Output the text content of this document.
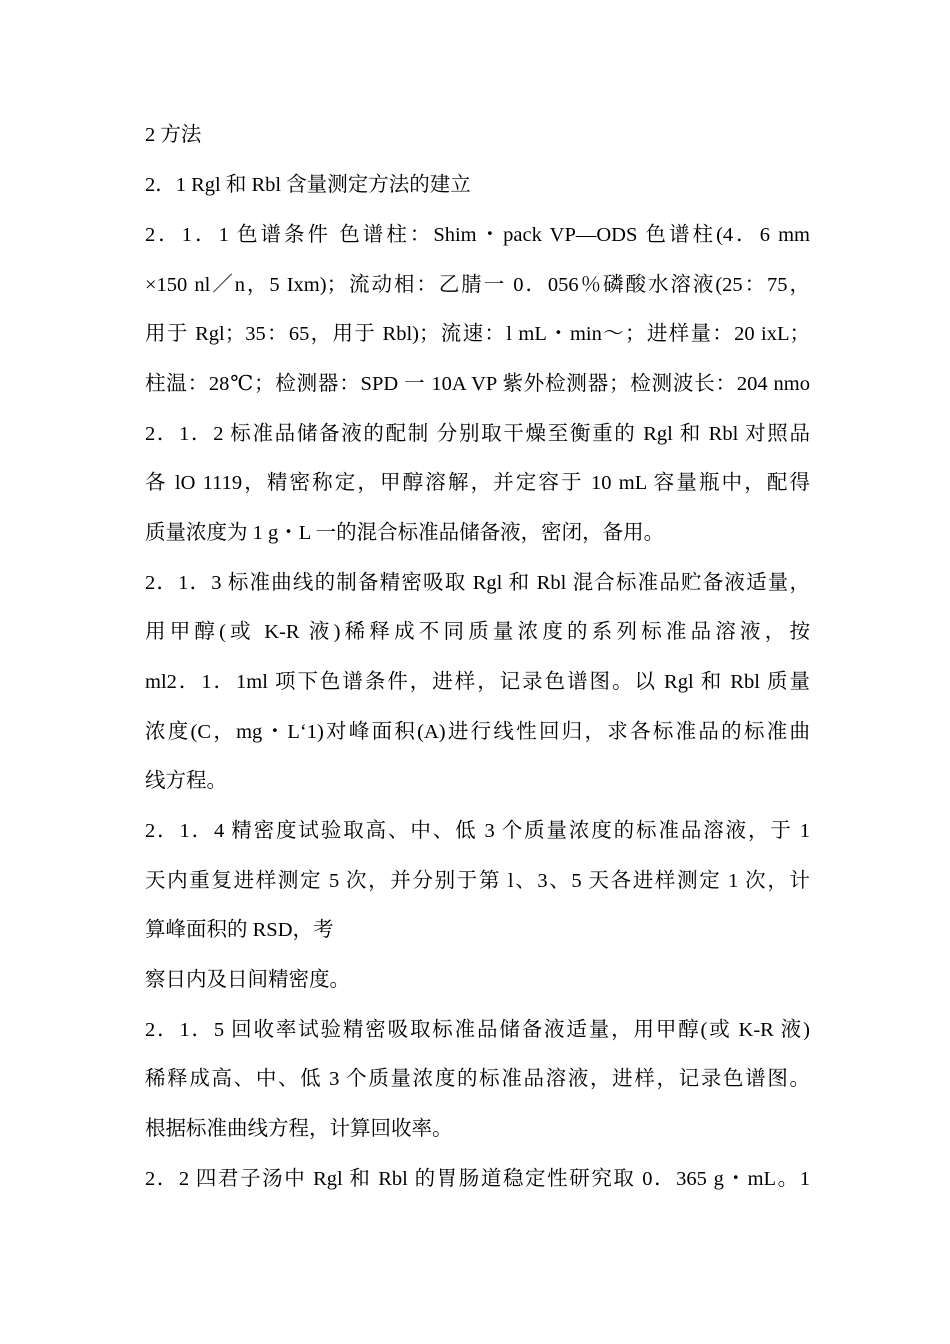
2 方法
2．1 Rgl 和 Rbl 含量测定方法的建立
2．1．1 色谱条件 色谱柱：Shim・pack VP—ODS 色谱柱(4．6 mm
×150 nl／n，5 Ixm)；流动相：乙腈一 0．056％磷酸水溶液(25：75，
用于 Rgl；35：65，用于 Rbl)；流速：l mL・min～；进样量：20 ixL；
柱温：28℃；检测器：SPD 一 10A VP 紫外检测器；检测波长：204 nmo
2．1．2 标准品储备液的配制 分别取干燥至衡重的 Rgl 和 Rbl 对照品
各 lO 1119，精密称定，甲醇溶解，并定容于 10 mL 容量瓶中，配得
质量浓度为 1 g・L 一的混合标准品储备液，密闭，备用。
2．1．3 标准曲线的制备精密吸取 Rgl 和 Rbl 混合标准品贮备液适量，
用甲醇(或 K-R 液)稀释成不同质量浓度的系列标准品溶液，按
ml2．1．1ml 项下色谱条件，进样，记录色谱图。以 Rgl 和 Rbl 质量
浓度(C，mg・L‘1)对峰面积(A)进行线性回归，求各标准品的标准曲
线方程。
2．1．4 精密度试验取高、中、低 3 个质量浓度的标准品溶液，于 1
天内重复进样测定 5 次，并分别于第 l、3、5 天各进样测定 1 次，计
算峰面积的 RSD，考
察日内及日间精密度。
2．1．5 回收率试验精密吸取标准品储备液适量，用甲醇(或 K-R 液)
稀释成高、中、低 3 个质量浓度的标准品溶液，进样，记录色谱图。
根据标准曲线方程，计算回收率。
2．2 四君子汤中 Rgl 和 Rbl 的胃肠道稳定性研究取 0．365 g・mL。1
